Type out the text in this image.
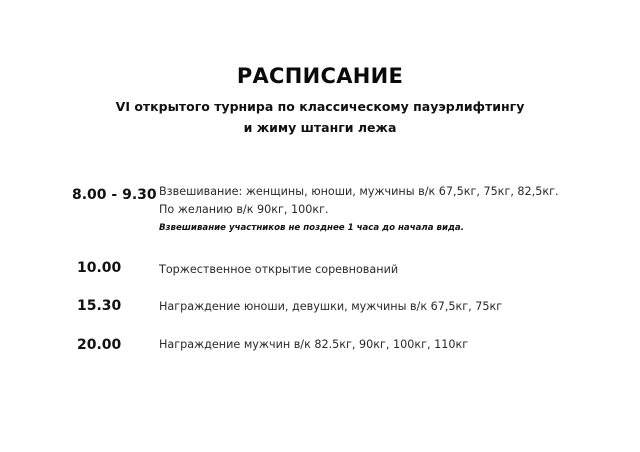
РАСПИСАНИЕ
VI открытого турнира по классическому пауэрлифтингу
и жиму штанги лежа
8.00 - 9.30 Взвешивание: женщины, юноши, мужчины в/к 67,5кг, 75кг, 82,5кг.
По желанию в/к 90кг, 100кг.
Взвешивание участников не позднее 1 часа до начала вида.
10.00	Торжественное открытие соревнований
15.30	Награждение юноши, девушки, мужчины в/к 67,5кг, 75кг
20.00	Награждение мужчин в/к 82.5кг, 90кг, 100кг, 110кг
